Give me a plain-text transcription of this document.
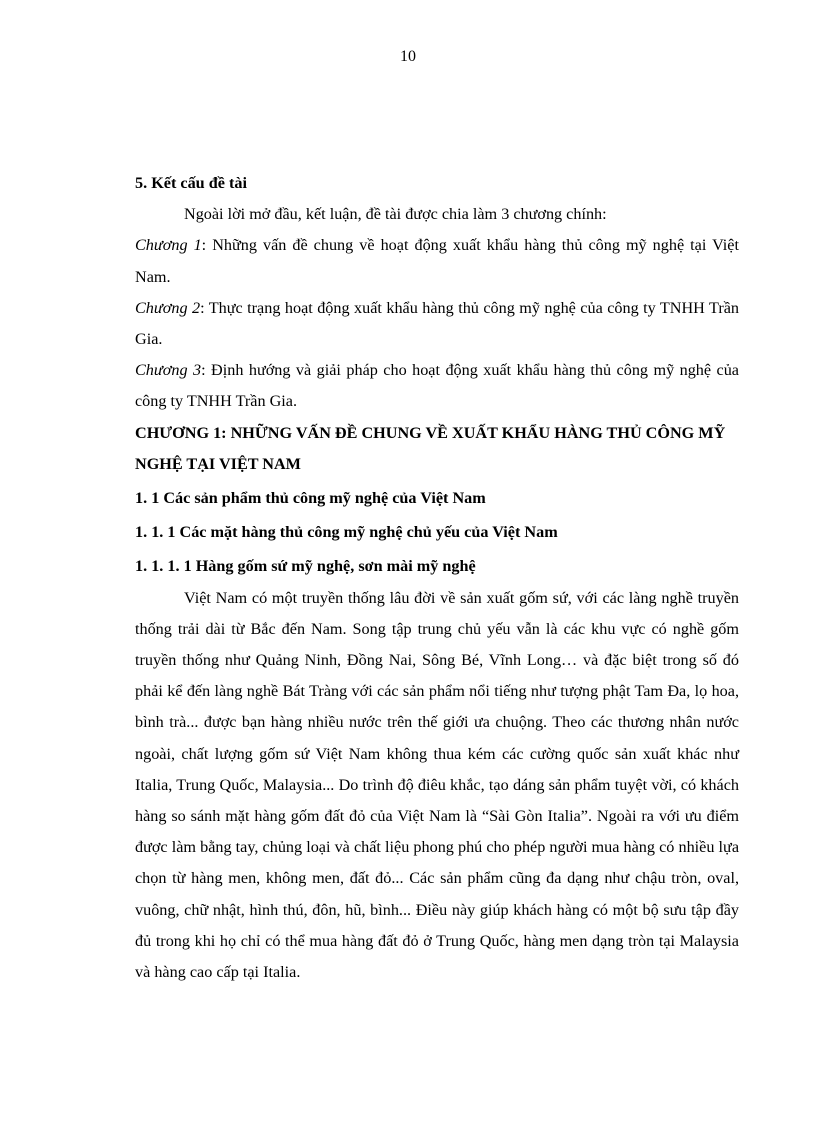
10

5. Kết cấu đề tài

Ngoài lời mở đầu, kết luận, đề tài được chia làm 3 chương chính:

Chương 1: Những vấn đề chung về hoạt động xuất khẩu hàng thủ công mỹ nghệ tại Việt Nam.

Chương 2: Thực trạng hoạt động xuất khẩu hàng thủ công mỹ nghệ của công ty TNHH Trần Gia.

Chương 3: Định hướng và giải pháp cho hoạt động xuất khẩu hàng thủ công mỹ nghệ của công ty TNHH Trần Gia.

CHƯƠNG 1: NHỮNG VẤN ĐỀ CHUNG VỀ XUẤT KHẨU HÀNG THỦ CÔNG MỸ NGHỆ TẠI VIỆT NAM

1. 1 Các sản phẩm thủ công mỹ nghệ của Việt Nam

1. 1. 1 Các mặt hàng thủ công mỹ nghệ chủ yếu của Việt Nam

1. 1. 1. 1 Hàng gốm sứ mỹ nghệ, sơn mài mỹ nghệ

Việt Nam có một truyền thống lâu đời về sản xuất gốm sứ, với các làng nghề truyền thống trải dài từ Bắc đến Nam. Song tập trung chủ yếu vẫn là các khu vực có nghề gốm truyền thống như Quảng Ninh, Đồng Nai, Sông Bé, Vĩnh Long… và đặc biệt trong số đó phải kể đến làng nghề Bát Tràng với các sản phẩm nổi tiếng như tượng phật Tam Đa, lọ hoa, bình trà... được bạn hàng nhiều nước trên thế giới ưa chuộng. Theo các thương nhân nước ngoài, chất lượng gốm sứ Việt Nam không thua kém các cường quốc sản xuất khác như Italia, Trung Quốc, Malaysia... Do trình độ điêu khắc, tạo dáng sản phẩm tuyệt vời, có khách hàng so sánh mặt hàng gốm đất đỏ của Việt Nam là “Sài Gòn Italia”. Ngoài ra với ưu điểm được làm bằng tay, chủng loại và chất liệu phong phú cho phép người mua hàng có nhiều lựa chọn từ hàng men, không men, đất đỏ... Các sản phẩm cũng đa dạng như chậu tròn, oval, vuông, chữ nhật, hình thú, đôn, hũ, bình... Điều này giúp khách hàng có một bộ sưu tập đầy đủ trong khi họ chỉ có thể mua hàng đất đỏ ở Trung Quốc, hàng men dạng tròn tại Malaysia và hàng cao cấp tại Italia.
